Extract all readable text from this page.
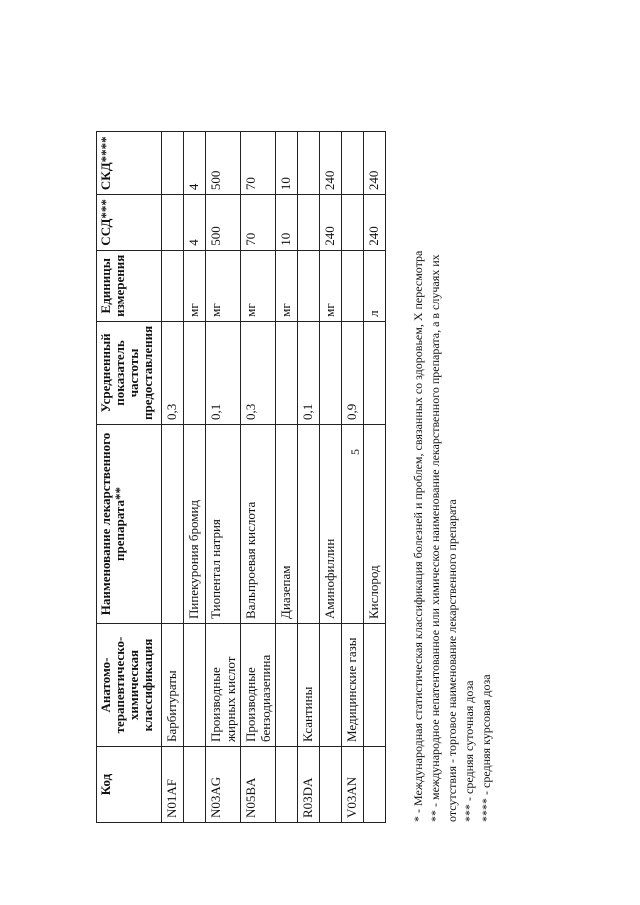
Код	Анатомо-терапевтическо-химическая классификация	Наименование лекарственного препарата**	Усредненный показатель частоты предоставления	Единицы измерения	ССД***	СКД****
N01AF	Барбитураты		0,3			
		Пипекурония бромид		мг	4	4
N03AG	Производные жирных кислот	Тиопентал натрия	0,1	мг	500	500
N05BA	Производные бензодиазепина	Вальпроевая кислота	0,3	мг	70	70
		Диазепам		мг	10	10
R03DA	Ксантины		0,1			
		Аминофиллин		мг	240	240
V03AN	Медицинские газы		0,9			
		Кислород		л	240	240
5	* - Международная статистическая классификация болезней и проблем, связанных со здоровьем, X пересмотра ** - международное непатентованное или химическое наименование лекарственного препарата, а в случаях их отсутствия - торговое наименование лекарственного препарата *** - средняя суточная доза **** - средняя курсовая доза
